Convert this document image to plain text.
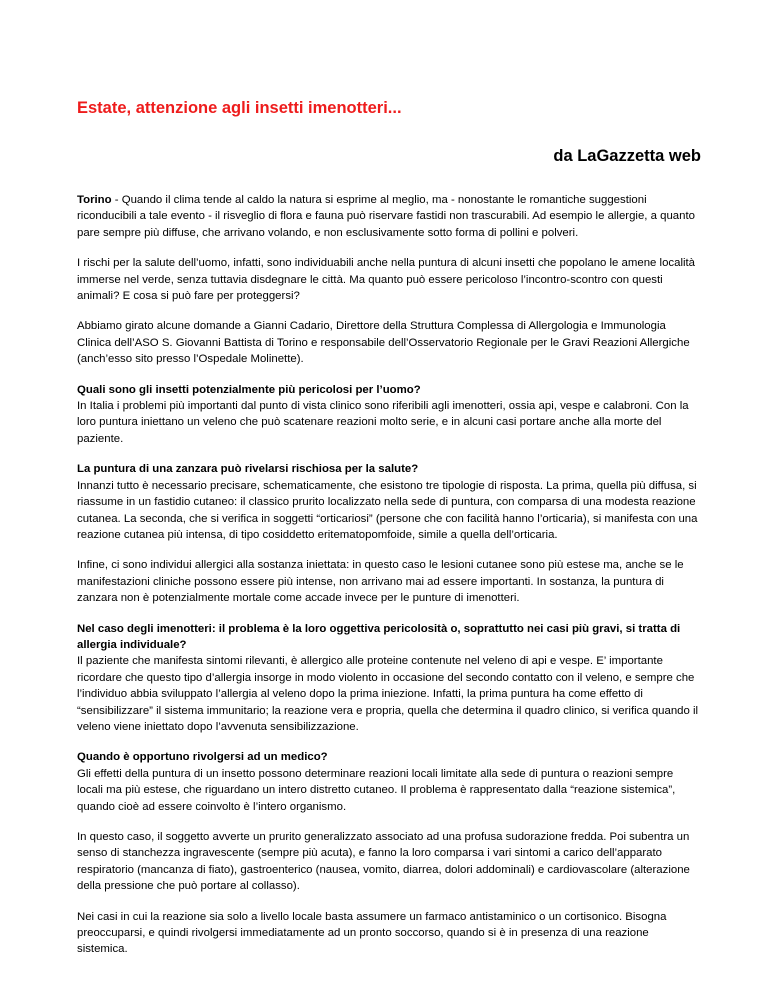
Estate, attenzione agli insetti imenotteri...
da LaGazzetta web

Torino - Quando il clima tende al caldo la natura si esprime al meglio, ma - nonostante le romantiche suggestioni riconducibili a tale evento - il risveglio di flora e fauna può riservare fastidi non trascurabili. Ad esempio le allergie, a quanto pare sempre più diffuse, che arrivano volando, e non esclusivamente sotto forma di pollini e polveri.

I rischi per la salute dell’uomo, infatti, sono individuabili anche nella puntura di alcuni insetti che popolano le amene località immerse nel verde, senza tuttavia disdegnare le città. Ma quanto può essere pericoloso l’incontro-scontro con questi animali? E cosa si può fare per proteggersi?

Abbiamo girato alcune domande a Gianni Cadario, Direttore della Struttura Complessa di Allergologia e Immunologia Clinica dell’ASO S. Giovanni Battista di Torino e responsabile dell’Osservatorio Regionale per le Gravi Reazioni Allergiche (anch’esso sito presso l’Ospedale Molinette).

Quali sono gli insetti potenzialmente più pericolosi per l’uomo?
In Italia i problemi più importanti dal punto di vista clinico sono riferibili agli imenotteri, ossia api, vespe e calabroni. Con la loro puntura iniettano un veleno che può scatenare reazioni molto serie, e in alcuni casi portare anche alla morte del paziente.

La puntura di una zanzara può rivelarsi rischiosa per la salute?
Innanzi tutto è necessario precisare, schematicamente, che esistono tre tipologie di risposta. La prima, quella più diffusa, si riassume in un fastidio cutaneo: il classico prurito localizzato nella sede di puntura, con comparsa di una modesta reazione cutanea. La seconda, che si verifica in soggetti “orticariosi” (persone che con facilità hanno l’orticaria), si manifesta con una reazione cutanea più intensa, di tipo cosiddetto eritematopomfoide, simile a quella dell’orticaria.

Infine, ci sono individui allergici alla sostanza iniettata: in questo caso le lesioni cutanee sono più estese ma, anche se le manifestazioni cliniche possono essere più intense, non arrivano mai ad essere importanti. In sostanza, la puntura di zanzara non è potenzialmente mortale come accade invece per le punture di imenotteri.

Nel caso degli imenotteri: il problema è la loro oggettiva pericolosità o, soprattutto nei casi più gravi, si tratta di allergia individuale?
Il paziente che manifesta sintomi rilevanti, è allergico alle proteine contenute nel veleno di api e vespe. E’ importante ricordare che questo tipo d’allergia insorge in modo violento in occasione del secondo contatto con il veleno, e sempre che l’individuo abbia sviluppato l’allergia al veleno dopo la prima iniezione. Infatti, la prima puntura ha come effetto di “sensibilizzare” il sistema immunitario; la reazione vera e propria, quella che determina il quadro clinico, si verifica quando il veleno viene iniettato dopo l’avvenuta sensibilizzazione.

Quando è opportuno rivolgersi ad un medico?
Gli effetti della puntura di un insetto possono determinare reazioni locali limitate alla sede di puntura o reazioni sempre locali ma più estese, che riguardano un intero distretto cutaneo. Il problema è rappresentato dalla “reazione sistemica”, quando cioè ad essere coinvolto è l’intero organismo.

In questo caso, il soggetto avverte un prurito generalizzato associato ad una profusa sudorazione fredda. Poi subentra un senso di stanchezza ingravescente (sempre più acuta), e fanno la loro comparsa i vari sintomi a carico dell’apparato respiratorio (mancanza di fiato), gastroenterico (nausea, vomito, diarrea, dolori addominali) e cardiovascolare (alterazione della pressione che può portare al collasso).

Nei casi in cui la reazione sia solo a livello locale basta assumere un farmaco antistaminico o un cortisonico. Bisogna preoccuparsi, e quindi rivolgersi immediatamente ad un pronto soccorso, quando si è in presenza di una reazione sistemica.
